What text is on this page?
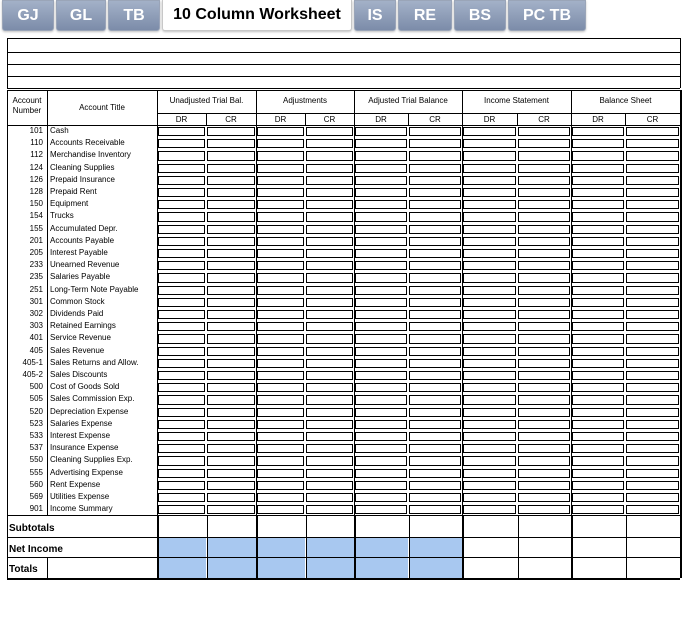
GJ	GL	TB	10 Column Worksheet	IS	RE	BS	PC TB
Account Number	Account Title
Unadjusted Trial Bal.
DR	CR
Adjustments
DR	CR
Adjusted Trial Balance
DR	CR
Income Statement
DR	CR
Balance Sheet
DR	CR
101 Cash
110 Accounts Receivable
112 Merchandise Inventory
124 Cleaning Supplies
126 Prepaid Insurance
128 Prepaid Rent
150 Equipment
154 Trucks
155 Accumulated Depr.
201 Accounts Payable
205 Interest Payable
233 Unearned Revenue
235 Salaries Payable
251 Long-Term Note Payable
301 Common Stock
302 Dividends Paid
303 Retained Earnings
401 Service Revenue
405 Sales Revenue
405-1 Sales Returns and Allow.
405-2 Sales Discounts
500 Cost of Goods Sold
505 Sales Commission Exp.
520 Depreciation Expense
523 Salaries Expense
533 Interest Expense
537 Insurance Expense
550 Cleaning Supplies Exp.
555 Advertising Expense
560 Rent Expense
569 Utilities Expense
901 Income Summary
Subtotals
Net Income
Totals
